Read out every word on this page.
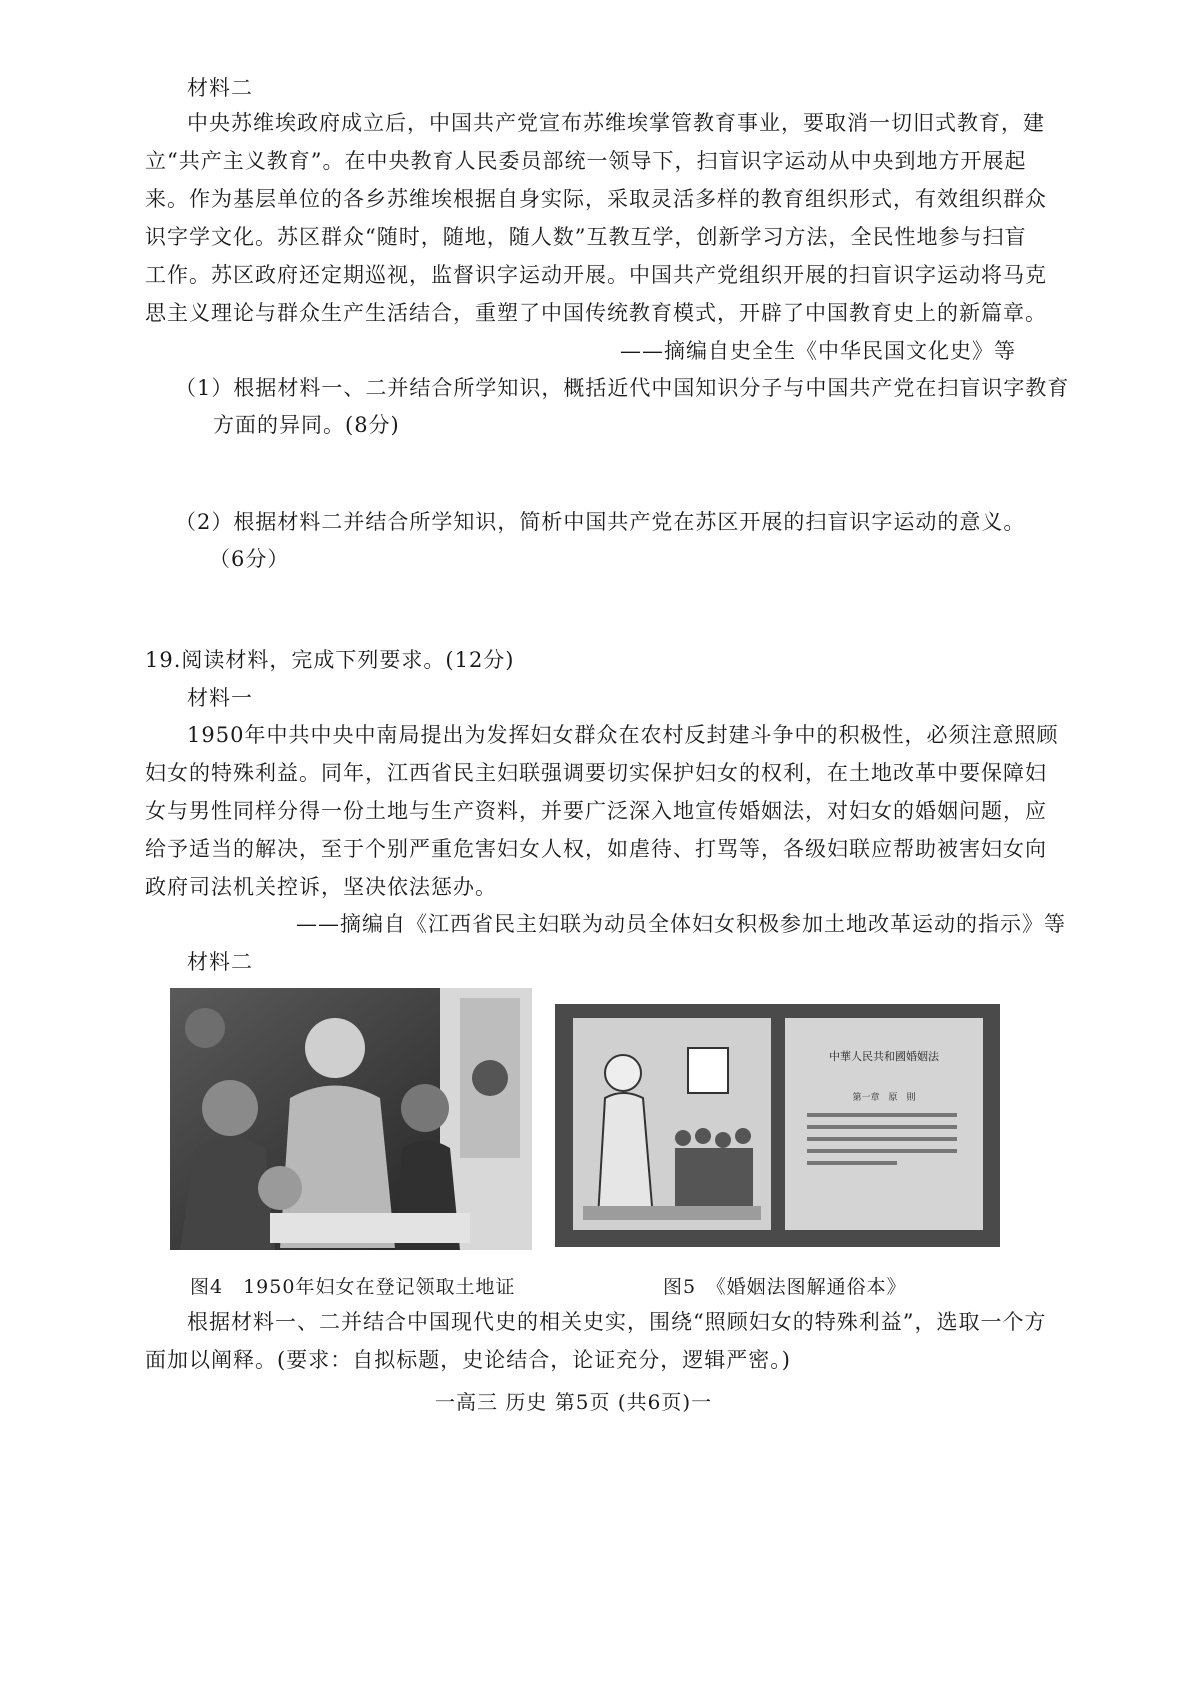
材料二
中央苏维埃政府成立后，中国共产党宣布苏维埃掌管教育事业，要取消一切旧式教育，建
立“共产主义教育”。在中央教育人民委员部统一领导下，扫盲识字运动从中央到地方开展起
来。作为基层单位的各乡苏维埃根据自身实际，采取灵活多样的教育组织形式，有效组织群众
识字学文化。苏区群众“随时，随地，随人数”互教互学，创新学习方法，全民性地参与扫盲
工作。苏区政府还定期巡视，监督识字运动开展。中国共产党组织开展的扫盲识字运动将马克
思主义理论与群众生产生活结合，重塑了中国传统教育模式，开辟了中国教育史上的新篇章。
——摘编自史全生《中华民国文化史》等
（1）根据材料一、二并结合所学知识，概括近代中国知识分子与中国共产党在扫盲识字教育
方面的异同。(8分)
（2）根据材料二并结合所学知识，简析中国共产党在苏区开展的扫盲识字运动的意义。
（6分）
19.阅读材料，完成下列要求。(12分)
材料一
1950年中共中央中南局提出为发挥妇女群众在农村反封建斗争中的积极性，必须注意照顾
妇女的特殊利益。同年，江西省民主妇联强调要切实保护妇女的权利，在土地改革中要保障妇
女与男性同样分得一份土地与生产资料，并要广泛深入地宣传婚姻法，对妇女的婚姻问题，应
给予适当的解决，至于个别严重危害妇女人权，如虐待、打骂等，各级妇联应帮助被害妇女向
政府司法机关控诉，坚决依法惩办。
——摘编自《江西省民主妇联为动员全体妇女积极参加土地改革运动的指示》等
材料二
中華人民共和國婚姻法
第一章　原　則
图4　1950年妇女在登记领取土地证	图5　《婚姻法图解通俗本》
根据材料一、二并结合中国现代史的相关史实，围绕“照顾妇女的特殊利益”，选取一个方
面加以阐释。(要求：自拟标题，史论结合，论证充分，逻辑严密。)
一高三 历史 第5页 (共6页)一
